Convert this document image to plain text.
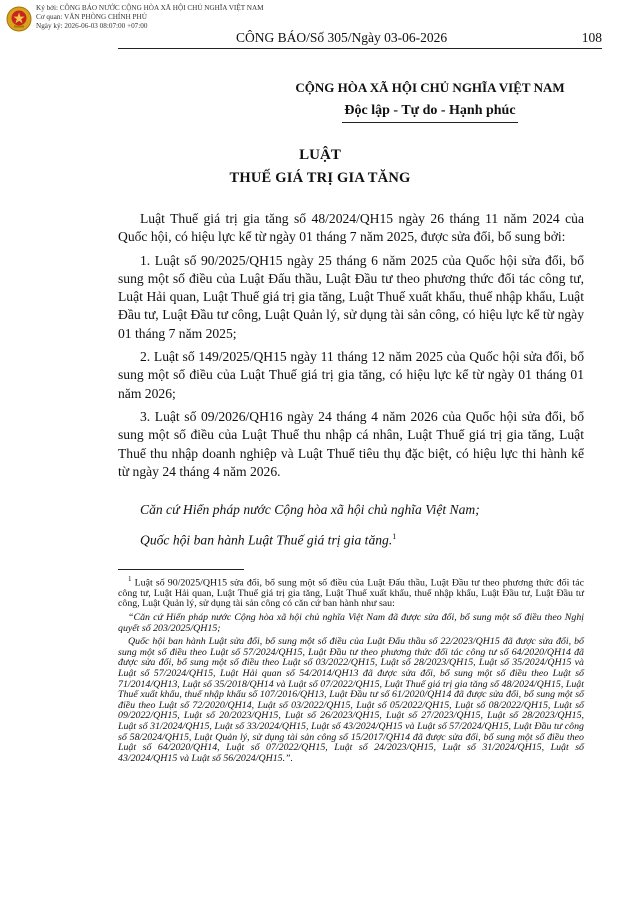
Ký bởi: CÔNG BÁO NƯỚC CỘNG HÒA XÃ HỘI CHỦ NGHĨA VIỆT NAM
Cơ quan: VĂN PHÒNG CHÍNH PHỦ
Ngày ký: 2026-06-03 08:07:00 +07:00
CÔNG BÁO/Số 305/Ngày 03-06-2026	108
CỘNG HÒA XÃ HỘI CHỦ NGHĨA VIỆT NAM
Độc lập - Tự do - Hạnh phúc
LUẬT
THUẾ GIÁ TRỊ GIA TĂNG

Luật Thuế giá trị gia tăng số 48/2024/QH15 ngày 26 tháng 11 năm 2024 của Quốc hội, có hiệu lực kể từ ngày 01 tháng 7 năm 2025, được sửa đổi, bổ sung bởi:

1. Luật số 90/2025/QH15 ngày 25 tháng 6 năm 2025 của Quốc hội sửa đổi, bổ sung một số điều của Luật Đấu thầu, Luật Đầu tư theo phương thức đối tác công tư, Luật Hải quan, Luật Thuế giá trị gia tăng, Luật Thuế xuất khẩu, thuế nhập khẩu, Luật Đầu tư, Luật Đầu tư công, Luật Quản lý, sử dụng tài sản công, có hiệu lực kể từ ngày 01 tháng 7 năm 2025;

2. Luật số 149/2025/QH15 ngày 11 tháng 12 năm 2025 của Quốc hội sửa đổi, bổ sung một số điều của Luật Thuế giá trị gia tăng, có hiệu lực kể từ ngày 01 tháng 01 năm 2026;

3. Luật số 09/2026/QH16 ngày 24 tháng 4 năm 2026 của Quốc hội sửa đổi, bổ sung một số điều của Luật Thuế thu nhập cá nhân, Luật Thuế giá trị gia tăng, Luật Thuế thu nhập doanh nghiệp và Luật Thuế tiêu thụ đặc biệt, có hiệu lực thi hành kể từ ngày 24 tháng 4 năm 2026.

Căn cứ Hiến pháp nước Cộng hòa xã hội chủ nghĩa Việt Nam;

Quốc hội ban hành Luật Thuế giá trị gia tăng.$^1$

$^1$ Luật số 90/2025/QH15 sửa đổi, bổ sung một số điều của Luật Đấu thầu, Luật Đầu tư theo phương thức đối tác công tư, Luật Hải quan, Luật Thuế giá trị gia tăng, Luật Thuế xuất khẩu, thuế nhập khẩu, Luật Đầu tư, Luật Đầu tư công, Luật Quản lý, sử dụng tài sản công có căn cứ ban hành như sau:

“Căn cứ Hiến pháp nước Cộng hòa xã hội chủ nghĩa Việt Nam đã được sửa đổi, bổ sung một số điều theo Nghị quyết số 203/2025/QH15;

Quốc hội ban hành Luật sửa đổi, bổ sung một số điều của Luật Đấu thầu số 22/2023/QH15 đã được sửa đổi, bổ sung một số điều theo Luật số 57/2024/QH15, Luật Đầu tư theo phương thức đối tác công tư số 64/2020/QH14 đã được sửa đổi, bổ sung một số điều theo Luật số 03/2022/QH15, Luật số 28/2023/QH15, Luật số 35/2024/QH15 và Luật số 57/2024/QH15, Luật Hải quan số 54/2014/QH13 đã được sửa đổi, bổ sung một số điều theo Luật số 71/2014/QH13, Luật số 35/2018/QH14 và Luật số 07/2022/QH15, Luật Thuế giá trị gia tăng số 48/2024/QH15, Luật Thuế xuất khẩu, thuế nhập khẩu số 107/2016/QH13, Luật Đầu tư số 61/2020/QH14 đã được sửa đổi, bổ sung một số điều theo Luật số 72/2020/QH14, Luật số 03/2022/QH15, Luật số 05/2022/QH15, Luật số 08/2022/QH15, Luật số 09/2022/QH15, Luật số 20/2023/QH15, Luật số 26/2023/QH15, Luật số 27/2023/QH15, Luật số 28/2023/QH15, Luật số 31/2024/QH15, Luật số 33/2024/QH15, Luật số 43/2024/QH15 và Luật số 57/2024/QH15, Luật Đầu tư công số 58/2024/QH15, Luật Quản lý, sử dụng tài sản công số 15/2017/QH14 đã được sửa đổi, bổ sung một số điều theo Luật số 64/2020/QH14, Luật số 07/2022/QH15, Luật số 24/2023/QH15, Luật số 31/2024/QH15, Luật số 43/2024/QH15 và Luật số 56/2024/QH15.”.
